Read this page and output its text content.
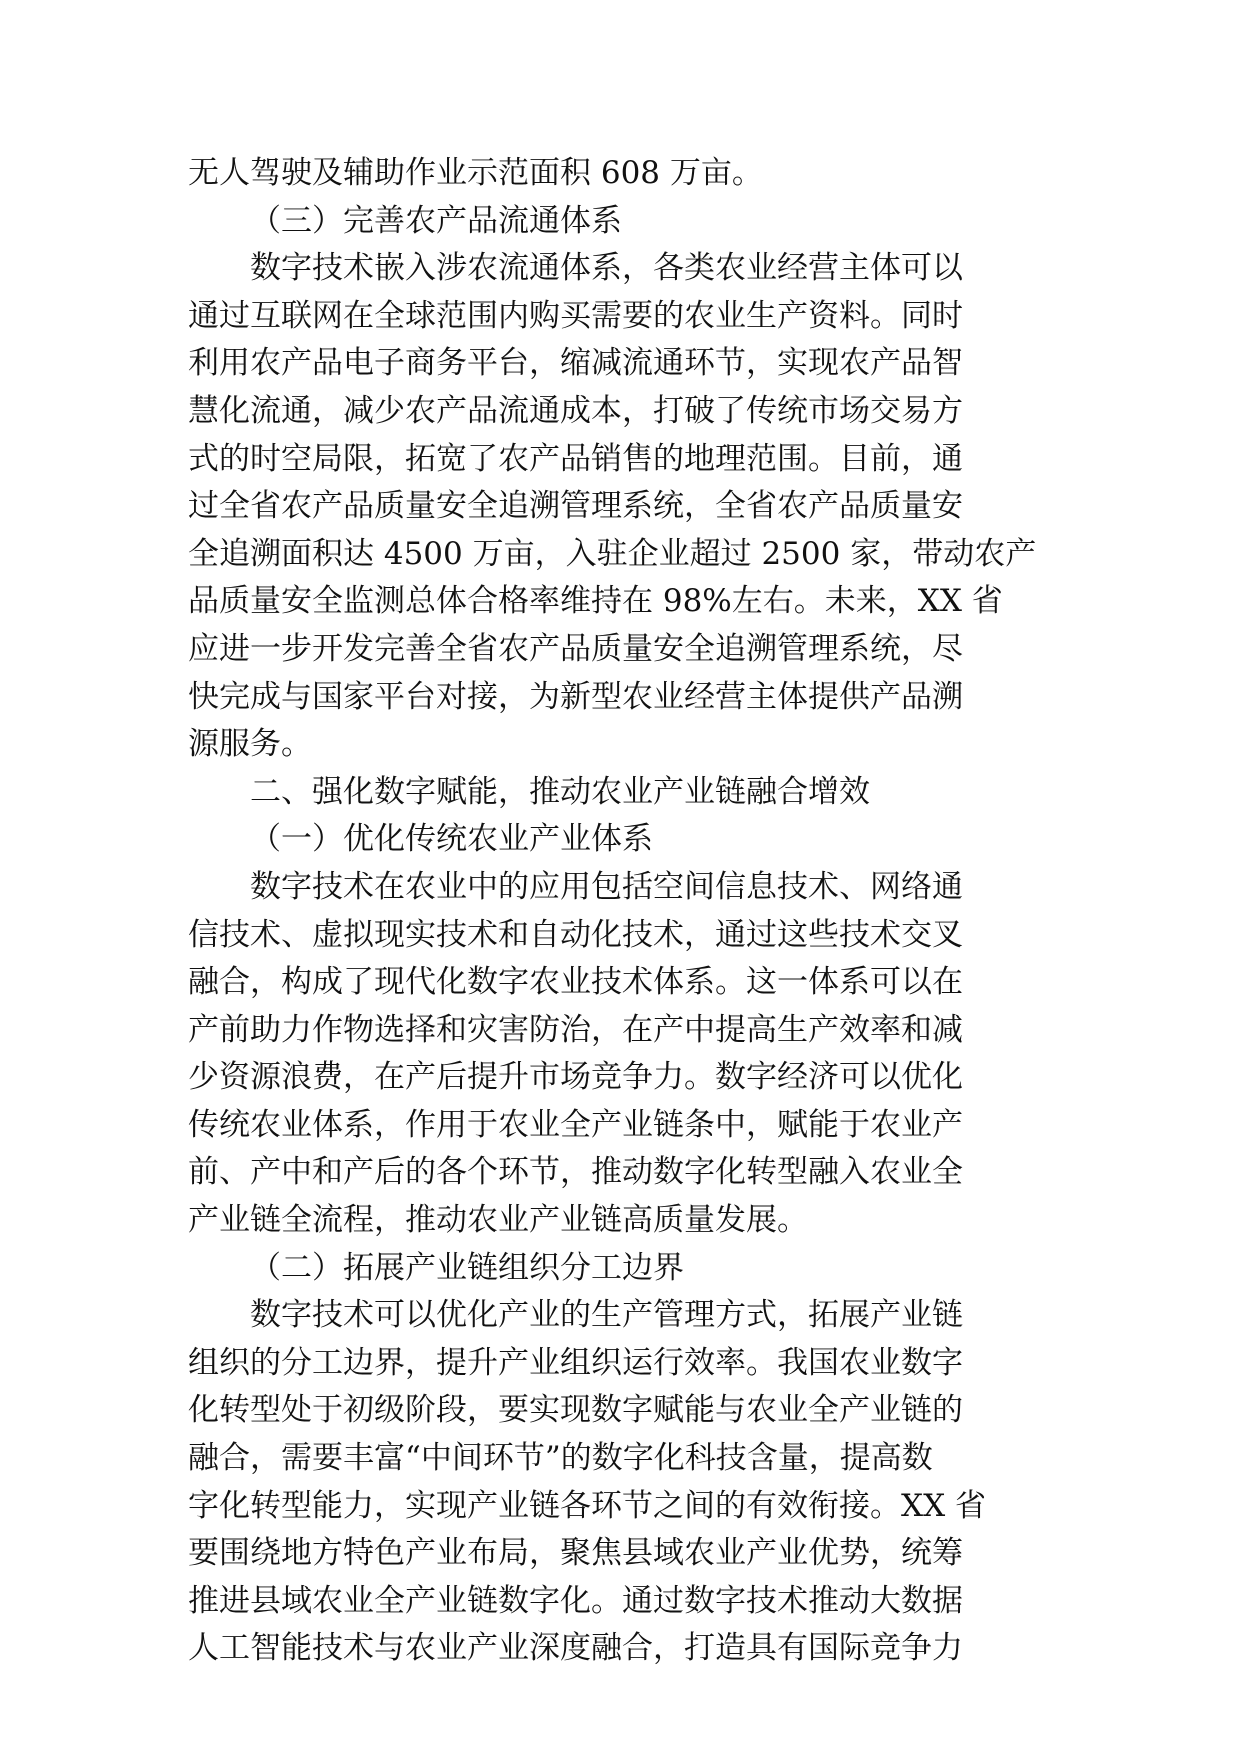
无人驾驶及辅助作业示范面积 608 万亩。
（三）完善农产品流通体系
数字技术嵌入涉农流通体系，各类农业经营主体可以
通过互联网在全球范围内购买需要的农业生产资料。同时
利用农产品电子商务平台，缩减流通环节，实现农产品智
慧化流通，减少农产品流通成本，打破了传统市场交易方
式的时空局限，拓宽了农产品销售的地理范围。目前，通
过全省农产品质量安全追溯管理系统，全省农产品质量安
全追溯面积达 4500 万亩，入驻企业超过 2500 家，带动农产
品质量安全监测总体合格率维持在 98%左右。未来，XX 省
应进一步开发完善全省农产品质量安全追溯管理系统，尽
快完成与国家平台对接，为新型农业经营主体提供产品溯
源服务。
二、强化数字赋能，推动农业产业链融合增效
（一）优化传统农业产业体系
数字技术在农业中的应用包括空间信息技术、网络通
信技术、虚拟现实技术和自动化技术，通过这些技术交叉
融合，构成了现代化数字农业技术体系。这一体系可以在
产前助力作物选择和灾害防治，在产中提高生产效率和减
少资源浪费，在产后提升市场竞争力。数字经济可以优化
传统农业体系，作用于农业全产业链条中，赋能于农业产
前、产中和产后的各个环节，推动数字化转型融入农业全
产业链全流程，推动农业产业链高质量发展。
（二）拓展产业链组织分工边界
数字技术可以优化产业的生产管理方式，拓展产业链
组织的分工边界，提升产业组织运行效率。我国农业数字
化转型处于初级阶段，要实现数字赋能与农业全产业链的
融合，需要丰富“中间环节”的数字化科技含量，提高数
字化转型能力，实现产业链各环节之间的有效衔接。XX 省
要围绕地方特色产业布局，聚焦县域农业产业优势，统筹
推进县域农业全产业链数字化。通过数字技术推动大数据
人工智能技术与农业产业深度融合，打造具有国际竞争力
